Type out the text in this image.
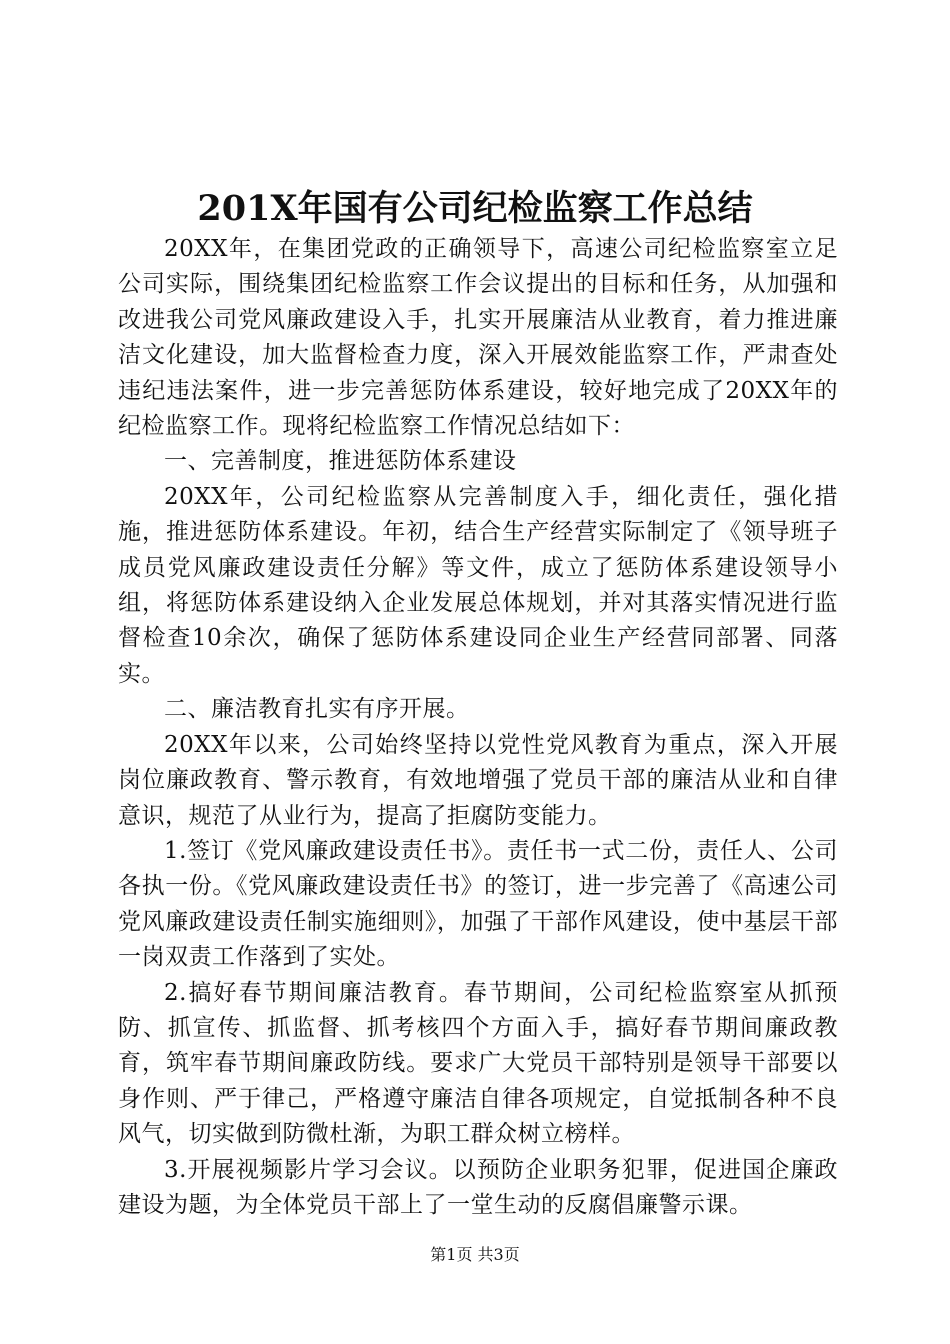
201X年国有公司纪检监察工作总结

20XX年，在集团党政的正确领导下，高速公司纪检监察室立足公司实际，围绕集团纪检监察工作会议提出的目标和任务，从加强和改进我公司党风廉政建设入手，扎实开展廉洁从业教育，着力推进廉洁文化建设，加大监督检查力度，深入开展效能监察工作，严肃查处违纪违法案件，进一步完善惩防体系建设，较好地完成了20XX年的纪检监察工作。现将纪检监察工作情况总结如下：

一、完善制度，推进惩防体系建设

20XX年，公司纪检监察从完善制度入手，细化责任，强化措施，推进惩防体系建设。年初，结合生产经营实际制定了《领导班子成员党风廉政建设责任分解》等文件，成立了惩防体系建设领导小组，将惩防体系建设纳入企业发展总体规划，并对其落实情况进行监督检查10余次，确保了惩防体系建设同企业生产经营同部署、同落实。

二、廉洁教育扎实有序开展。

20XX年以来，公司始终坚持以党性党风教育为重点，深入开展岗位廉政教育、警示教育，有效地增强了党员干部的廉洁从业和自律意识，规范了从业行为，提高了拒腐防变能力。

1.签订《党风廉政建设责任书》。责任书一式二份，责任人、公司各执一份。《党风廉政建设责任书》的签订，进一步完善了《高速公司党风廉政建设责任制实施细则》，加强了干部作风建设，使中基层干部一岗双责工作落到了实处。

2.搞好春节期间廉洁教育。春节期间，公司纪检监察室从抓预防、抓宣传、抓监督、抓考核四个方面入手，搞好春节期间廉政教育，筑牢春节期间廉政防线。要求广大党员干部特别是领导干部要以身作则、严于律己，严格遵守廉洁自律各项规定，自觉抵制各种不良风气，切实做到防微杜渐，为职工群众树立榜样。

3.开展视频影片学习会议。以预防企业职务犯罪，促进国企廉政建设为题，为全体党员干部上了一堂生动的反腐倡廉警示课。

第1页 共3页
